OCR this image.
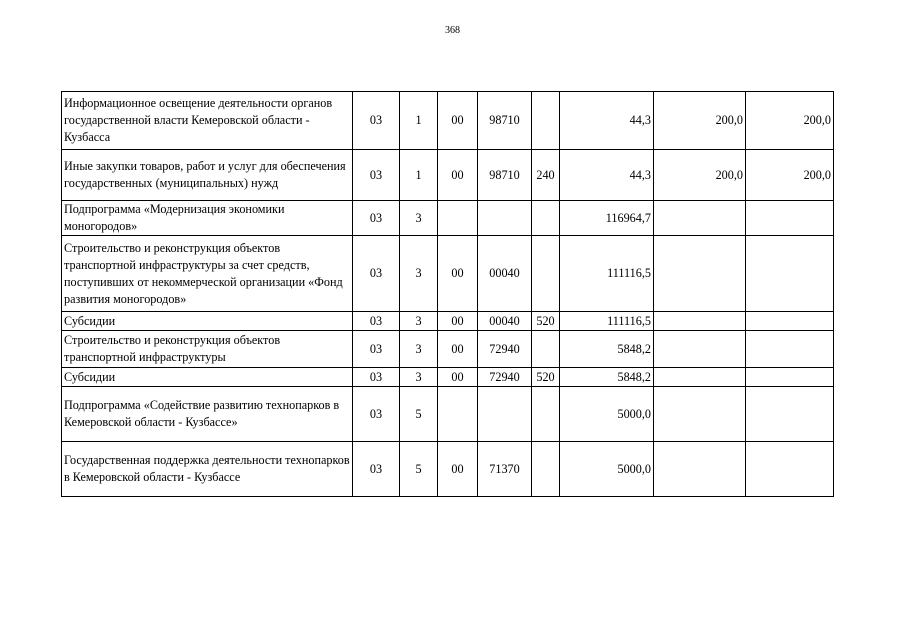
368
Информационное освещение деятельности органов государственной власти Кемеровской области - Кузбасса	03	1	00	98710		44,3	200,0	200,0
Иные закупки товаров, работ и услуг для обеспечения государственных (муниципальных) нужд	03	1	00	98710	240	44,3	200,0	200,0
Подпрограмма «Модернизация экономики моногородов»	03	3				116964,7		
Строительство и реконструкция объектов транспортной инфраструктуры за счет средств, поступивших от некоммерческой организации «Фонд развития моногородов»	03	3	00	00040		111116,5		
Субсидии	03	3	00	00040	520	111116,5		
Строительство и реконструкция объектов транспортной инфраструктуры	03	3	00	72940		5848,2		
Субсидии	03	3	00	72940	520	5848,2		
Подпрограмма «Содействие развитию технопарков в Кемеровской области - Кузбассе»	03	5				5000,0		
Государственная поддержка деятельности технопарков в Кемеровской области - Кузбассе	03	5	00	71370		5000,0		
